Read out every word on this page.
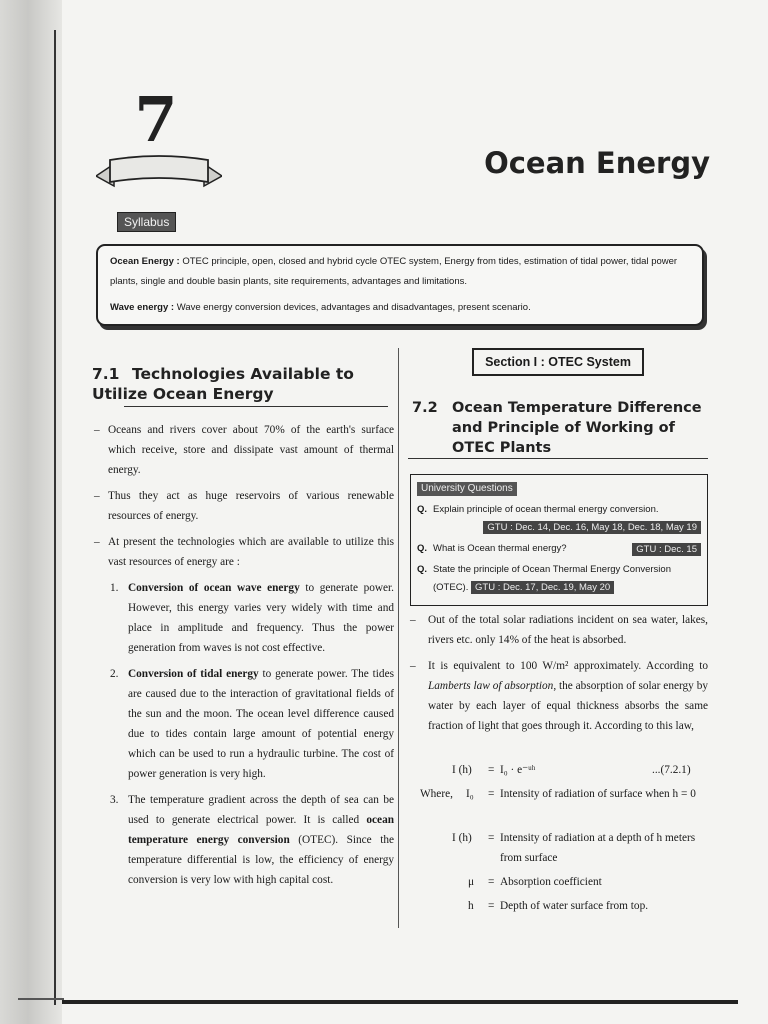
7
Ocean Energy
Syllabus

Ocean Energy : OTEC principle, open, closed and hybrid cycle OTEC system, Energy from tides, estimation of tidal power, tidal power plants, single and double basin plants, site requirements, advantages and limitations.

Wave energy : Wave energy conversion devices, advantages and disadvantages, present scenario.

7.1 Technologies Available to Utilize Ocean Energy
– Oceans and rivers cover about 70% of the earth's surface which receive, store and dissipate vast amount of thermal energy.
– Thus they act as huge reservoirs of various renewable resources of energy.
– At present the technologies which are available to utilize this vast resources of energy are :
1. Conversion of ocean wave energy to generate power. However, this energy varies very widely with time and place in amplitude and frequency. Thus the power generation from waves is not cost effective.
2. Conversion of tidal energy to generate power. The tides are caused due to the interaction of gravitational fields of the sun and the moon. The ocean level difference caused due to tides contain large amount of potential energy which can be used to run a hydraulic turbine. The cost of power generation is very high.
3. The temperature gradient across the depth of sea can be used to generate electrical power. It is called ocean temperature energy conversion (OTEC). Since the temperature differential is low, the efficiency of energy conversion is very low with high capital cost.
Section I : OTEC System
7.2 Ocean Temperature Difference and Principle of Working of OTEC Plants
University Questions
Q. Explain principle of ocean thermal energy conversion.
GTU : Dec. 14, Dec. 16, May 18, Dec. 18, May 19
Q. What is Ocean thermal energy?	GTU : Dec. 15
Q. State the principle of Ocean Thermal Energy Conversion (OTEC). GTU : Dec. 17, Dec. 19, May 20
– Out of the total solar radiations incident on sea water, lakes, rivers etc. only 14% of the heat is absorbed.
– It is equivalent to 100 W/m² approximately. According to Lamberts law of absorption, the absorption of solar energy by water by each layer of equal thickness absorbs the same fraction of light that goes through it. According to this law,
I (h) = I₀ · e⁻ᵘʰ	...(7.2.1)
Where, I₀ = Intensity of radiation of surface when h = 0
I (h) = Intensity of radiation at a depth of h meters from surface
μ = Absorption coefficient
h = Depth of water surface from top.
